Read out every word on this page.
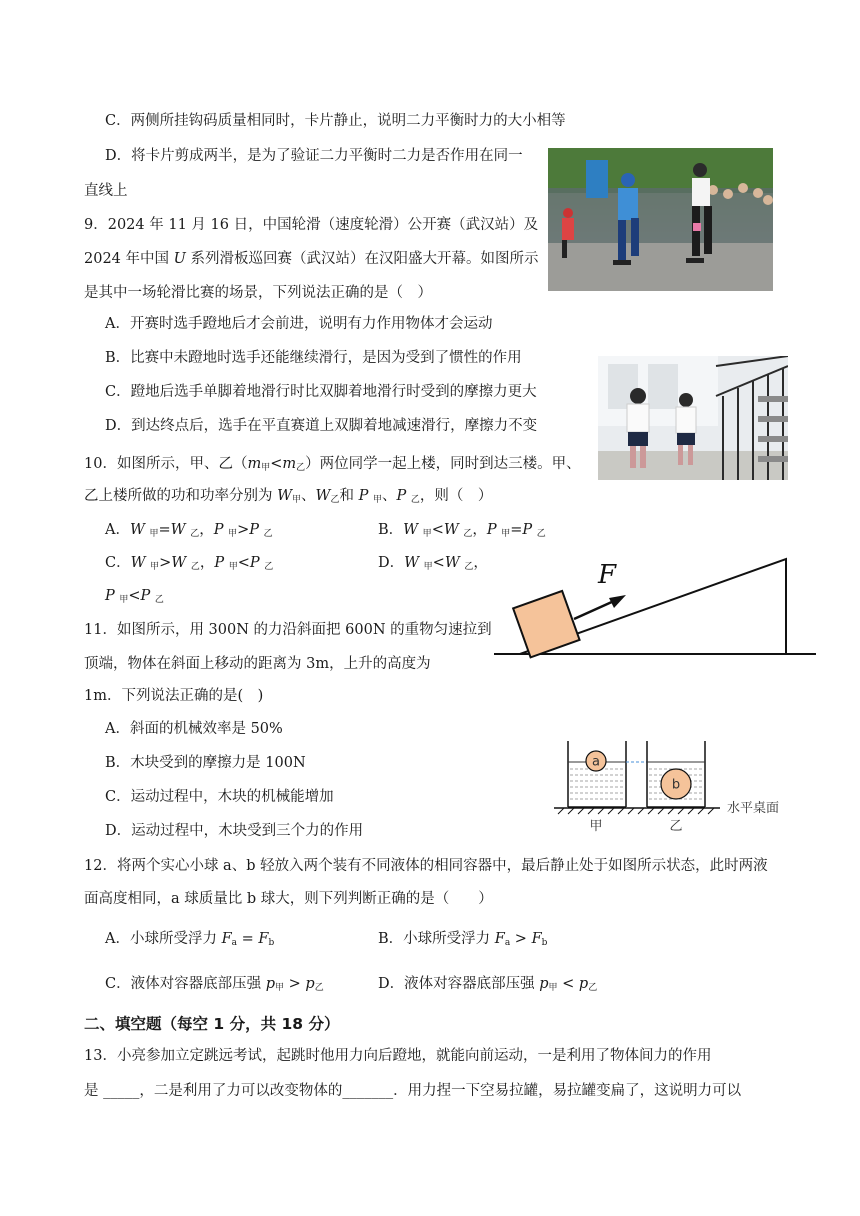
C．两侧所挂钩码质量相同时，卡片静止，说明二力平衡时力的大小相等
D．将卡片剪成两半，是为了验证二力平衡时二力是否作用在同一
直线上
9．2024 年 11 月 16 日，中国轮滑（速度轮滑）公开赛（武汉站）及
2024 年中国 U 系列滑板巡回赛（武汉站）在汉阳盛大开幕。如图所示
是其中一场轮滑比赛的场景，下列说法正确的是（　）
A．开赛时选手蹬地后才会前进，说明有力作用物体才会运动
B．比赛中未蹬地时选手还能继续滑行，是因为受到了惯性的作用
C．蹬地后选手单脚着地滑行时比双脚着地滑行时受到的摩擦力更大
D．到达终点后，选手在平直赛道上双脚着地减速滑行，摩擦力不变
10．如图所示，甲、乙$(m_甲<m_乙)$两位同学一起上楼，同时到达三楼。甲、
乙上楼所做的功和功率分别为 $W_甲$、$W_乙$和 P $_甲$、P $_乙$，则（　）
A．W $_甲$=W $_乙$，P $_甲$>P $_乙$	B．W $_甲$<W $_乙$，P $_甲$=P $_乙$
C．W $_甲$>W $_乙$，P $_甲$<P $_乙$	D．W $_甲$<W $_乙$，
P $_甲$<P $_乙$
F
11．如图所示，用 300N 的力沿斜面把 600N 的重物匀速拉到
顶端，物体在斜面上移动的距离为 3m，上升的高度为
1m．下列说法正确的是(　)
A．斜面的机械效率是 50%
B．木块受到的摩擦力是 100N
C．运动过程中，木块的机械能增加
D．运动过程中，木块受到三个力的作用
a
b
甲	乙
水平桌面
12．将两个实心小球 a、b 轻放入两个装有不同液体的相同容器中，最后静止处于如图所示状态，此时两液
面高度相同，a 球质量比 b 球大，则下列判断正确的是（　　）
A．小球所受浮力 $F_a = F_b$	B．小球所受浮力 $F_a > F_b$
C．液体对容器底部压强 $p_甲 > p_乙$	D．液体对容器底部压强 $p_甲 < p_乙$
二、填空题（每空 1 分，共 18 分）
13．小亮参加立定跳远考试，起跳时他用力向后蹬地，就能向前运动，一是利用了物体间力的作用
是 _____，二是利用了力可以改变物体的_______．用力捏一下空易拉罐，易拉罐变扁了，这说明力可以
